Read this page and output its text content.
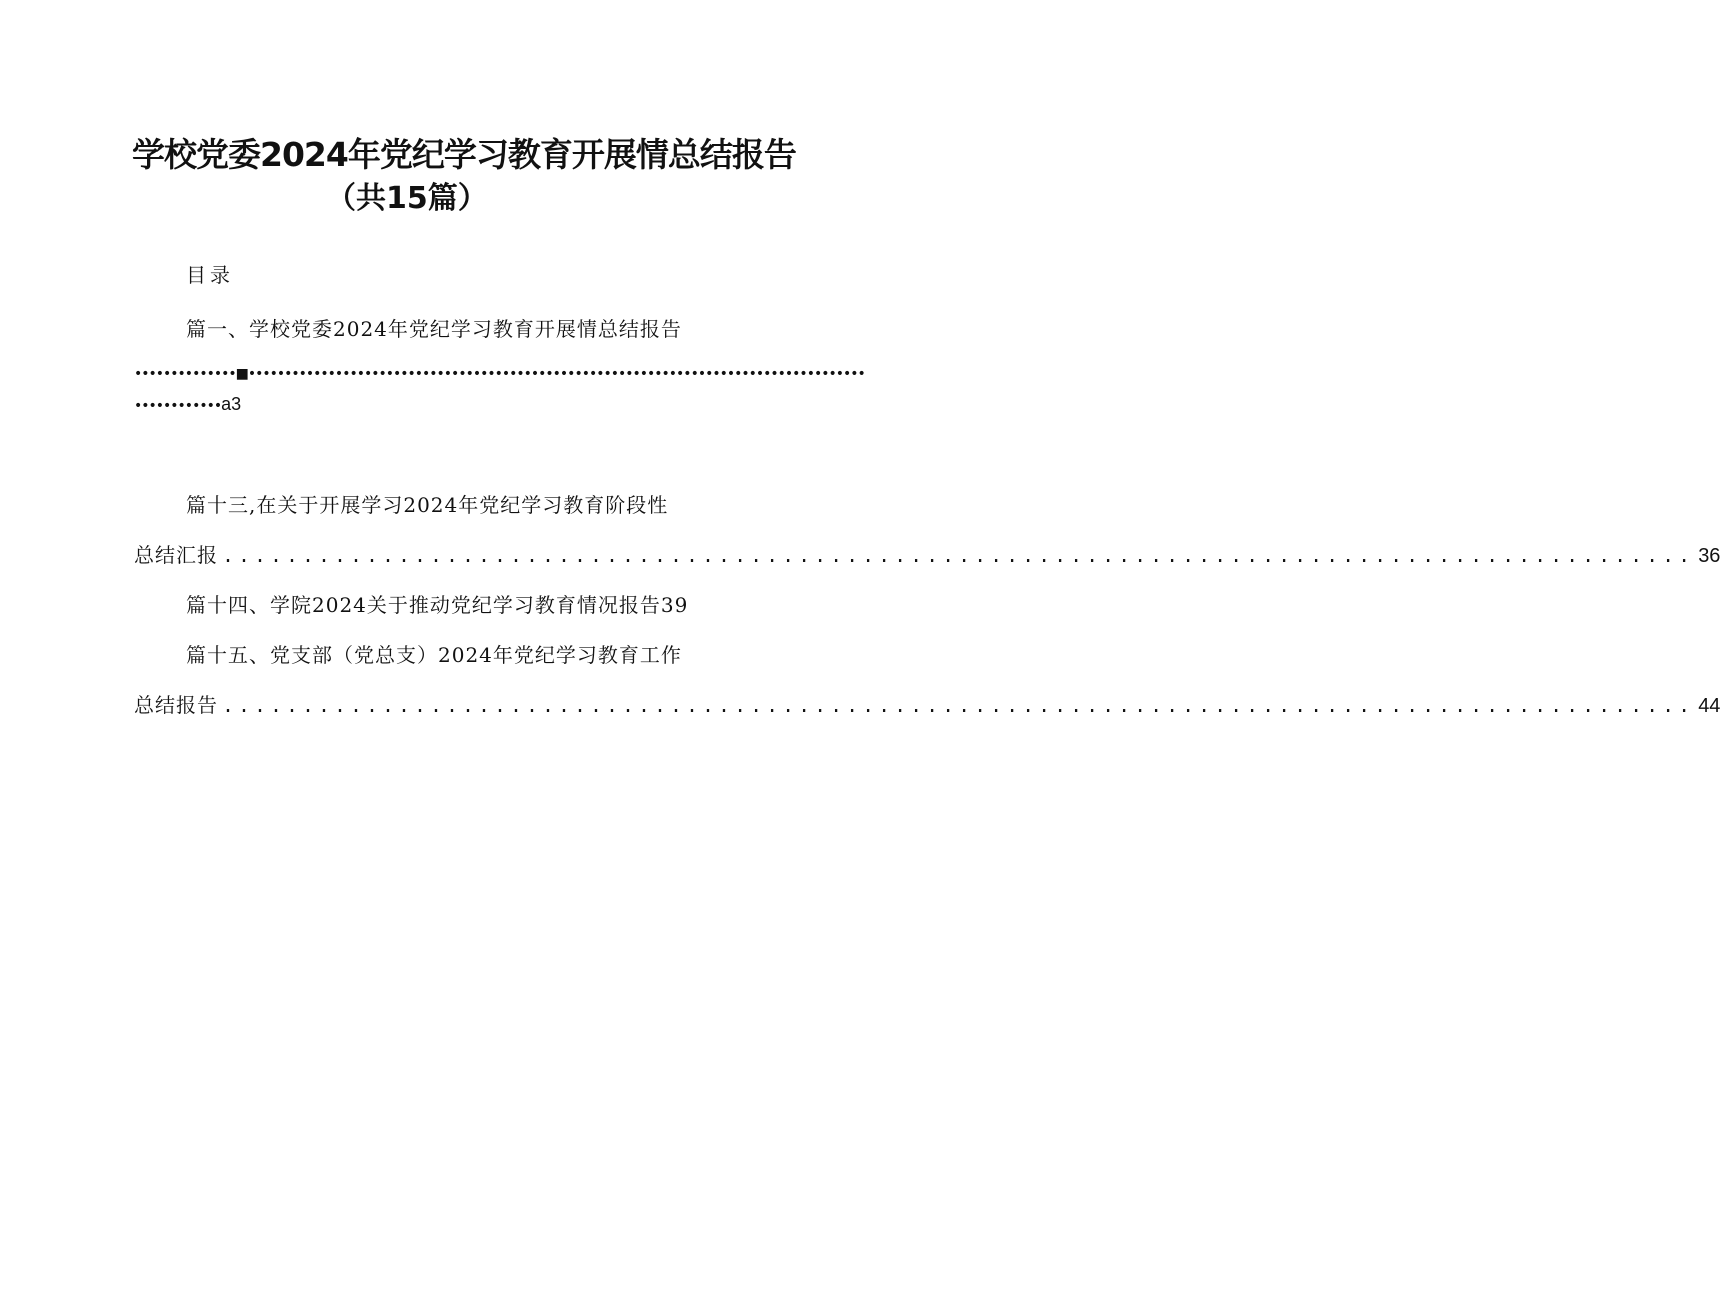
学校党委2024年党纪学习教育开展情总结报告
（共15篇）
目录
篇一、学校党委2024年党纪学习教育开展情总结报告
••••••••••••••■•••••••••••••••••••••••••••••••••••••••••••••••••••••••••••••••••••••••••••••••••••••
••••••••••••a3
篇十三,在关于开展学习2024年党纪学习教育阶段性
总结汇报 ............................................................................................ 36
篇十四、学院2024关于推动党纪学习教育情况报告39
篇十五、党支部（党总支）2024年党纪学习教育工作
总结报告 ............................................................................................ 44
